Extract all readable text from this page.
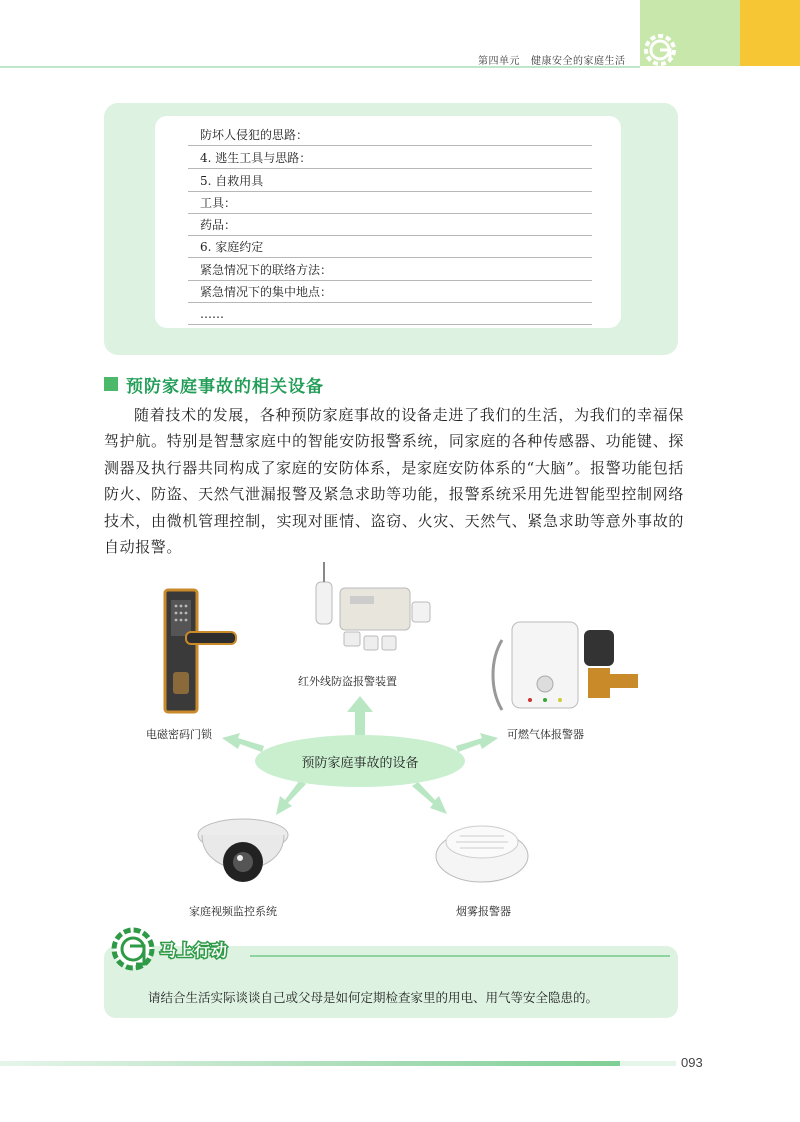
第四单元 健康安全的家庭生活
防坏人侵犯的思路：
4. 逃生工具与思路：
5. 自救用具
工具：
药品：
6. 家庭约定
紧急情况下的联络方法：
紧急情况下的集中地点：
……
预防家庭事故的相关设备
随着技术的发展，各种预防家庭事故的设备走进了我们的生活，为我们的幸福保驾护航。特别是智慧家庭中的智能安防报警系统，同家庭的各种传感器、功能键、探测器及执行器共同构成了家庭的安防体系，是家庭安防体系的“大脑”。报警功能包括防火、防盗、天然气泄漏报警及紧急求助等功能，报警系统采用先进智能型控制网络技术，由微机管理控制，实现对匪情、盗窃、火灾、天然气、紧急求助等意外事故的自动报警。
预防家庭事故的设备
电磁密码门锁
红外线防盗报警装置
可燃气体报警器
家庭视频监控系统	烟雾报警器
马上行动
请结合生活实际谈谈自己或父母是如何定期检查家里的用电、用气等安全隐患的。
093
